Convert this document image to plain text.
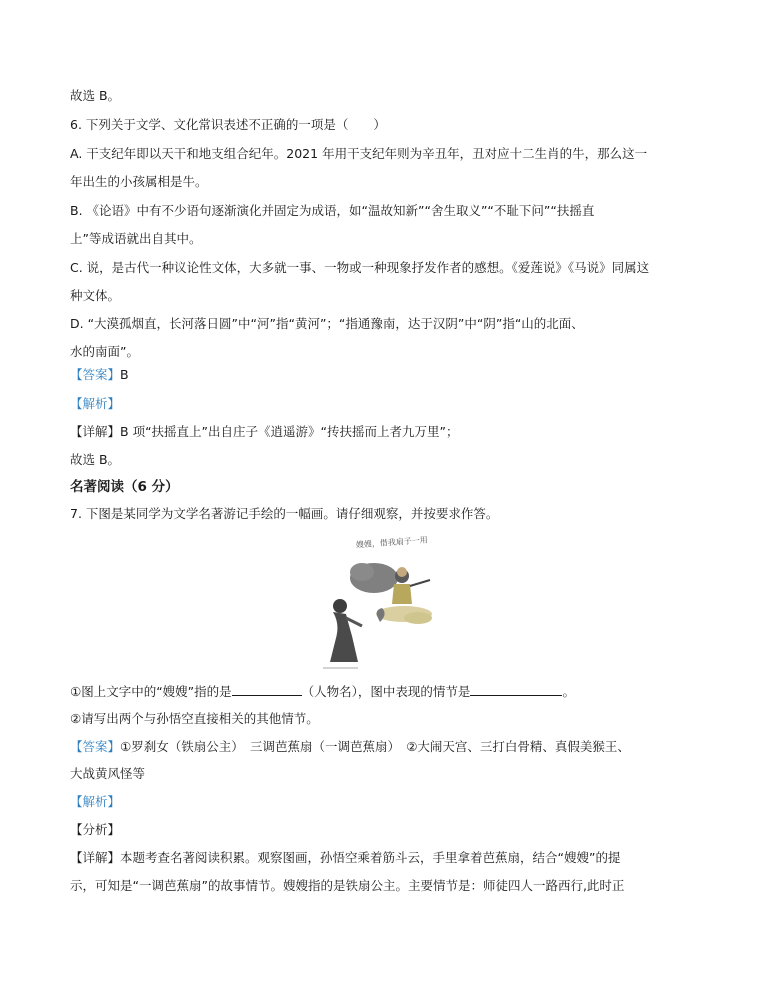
故选 B。
6. 下列关于文学、文化常识表述不正确的一项是（　　）
A. 干支纪年即以天干和地支组合纪年。2021 年用干支纪年则为辛丑年，丑对应十二生肖的牛，那么这一
年出生的小孩属相是牛。
B. 《论语》中有不少语句逐渐演化并固定为成语，如“温故知新”“舍生取义”“不耻下问”“扶摇直
上”等成语就出自其中。
C. 说，是古代一种议论性文体，大多就一事、一物或一种现象抒发作者的感想。《爱莲说》《马说》同属这
种文体。
D. “大漠孤烟直，长河落日圆”中“河”指“黄河”；“指通豫南，达于汉阴”中“阴”指“山的北面、
水的南面”。
【答案】B
【解析】
【详解】B 项“扶摇直上”出自庄子《逍遥游》“抟扶摇而上者九万里”；
故选 B。
名著阅读（6 分）
7. 下图是某同学为文学名著游记手绘的一幅画。请仔细观察，并按要求作答。
嫂嫂，借我扇子一用
①图上文字中的“嫂嫂”指的是	（人物名），图中表现的情节是	。
②请写出两个与孙悟空直接相关的其他情节。
【答案】①罗刹女（铁扇公主）　三调芭蕉扇（一调芭蕉扇）　②大闹天宫、三打白骨精、真假美猴王、
大战黄风怪等
【解析】
【分析】
【详解】本题考查名著阅读积累。观察图画，孙悟空乘着筋斗云，手里拿着芭蕉扇，结合“嫂嫂”的提
示，可知是“一调芭蕉扇”的故事情节。嫂嫂指的是铁扇公主。主要情节是：师徒四人一路西行,此时正
